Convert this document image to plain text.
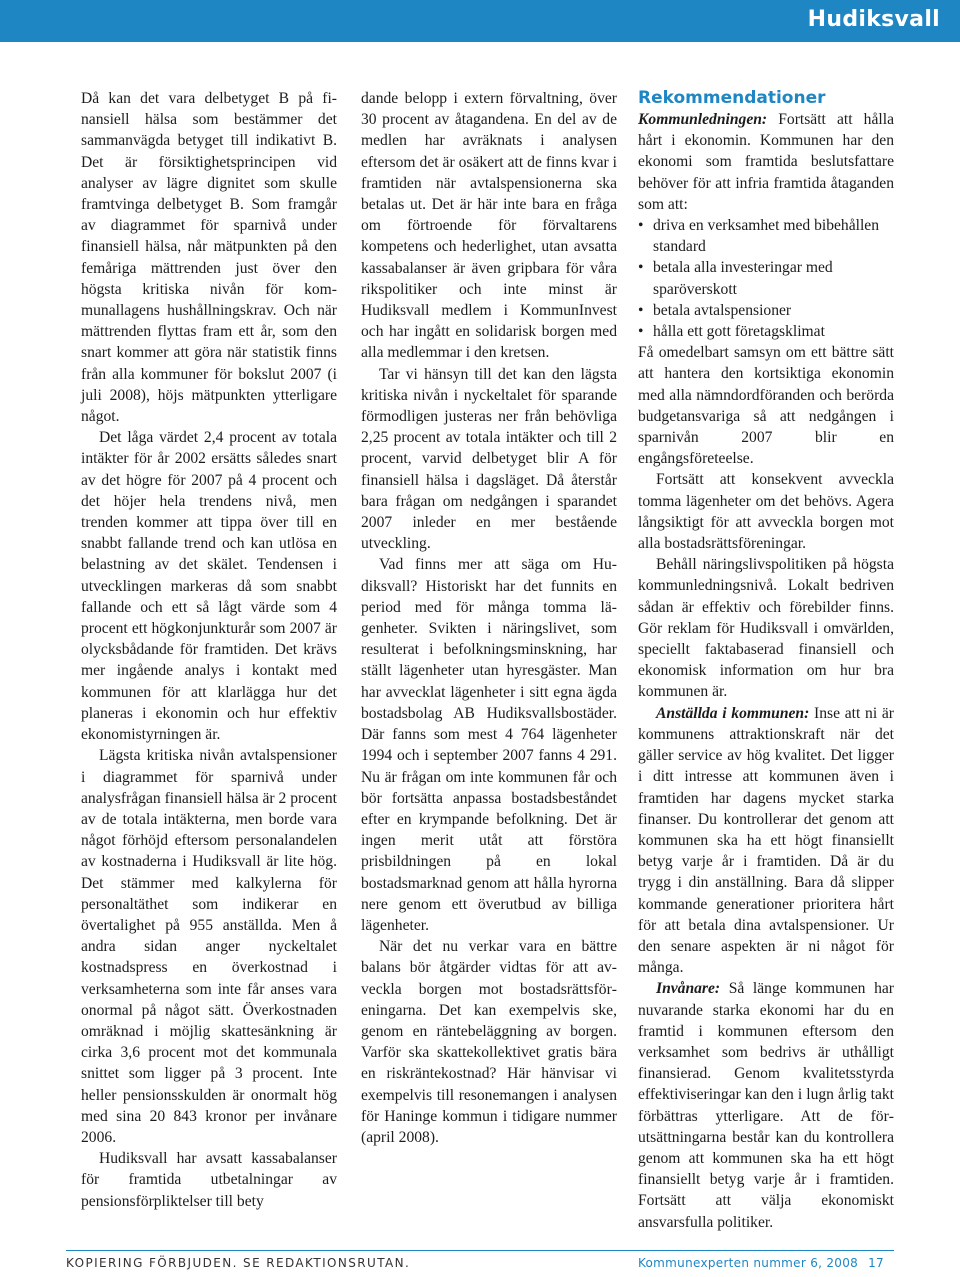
Hudiksvall

Då kan det vara delbetyget B på finansiell hälsa som bestämmer det sammanvägda betyget till indikativt B. Det är försiktighetsprincipen vid analyser av lägre dignitet som skulle framtvinga delbetyget B. Som framgår av diagrammet för sparnivå under finansiell hälsa, når mätpunkten på den femåriga mättrenden just över den högsta kritiska nivån för kommunallagens hushållningskrav. Och när mättrenden flyttas fram ett år, som den snart kommer att göra när statistik finns från alla kommuner för bokslut 2007 (i juli 2008), höjs mätpunkten ytterligare något.

Det låga värdet 2,4 procent av totala intäkter för år 2002 ersätts således snart av det högre för 2007 på 4 procent och det höjer hela trendens nivå, men trenden kommer att tippa över till en snabbt fallande trend och kan utlösa en belastning av det skälet. Tendensen i utvecklingen markeras då som snabbt fallande och ett så lågt värde som 4 procent ett högkonjunkturår som 2007 är olycksbådande för framtiden. Det krävs mer ingående analys i kontakt med kommunen för att klarlägga hur det planeras i ekonomin och hur effektiv ekonomistyrningen är.

Lägsta kritiska nivån avtalspensioner i diagrammet för sparnivå under analysfrågan finansiell hälsa är 2 procent av de totala intäkterna, men borde vara något förhöjd eftersom personalandelen av kostnaderna i Hudiksvall är lite hög. Det stämmer med kalkylerna för personaltäthet som indikerar en övertalighet på 955 anställda. Men å andra sidan anger nyckeltalet kostnadspress en överkostnad i verksamheterna som inte får anses vara onormal på något sätt. Överkostnaden omräknad i möjlig skattesänkning är cirka 3,6 procent mot det kommunala snittet som ligger på 3 procent. Inte heller pensionsskulden är onormalt hög med sina 20 843 kronor per invånare 2006.

Hudiksvall har avsatt kassabalanser för framtida utbetalningar av pensionsförpliktelser till bety

dande belopp i extern förvaltning, över 30 procent av åtagandena. En del av de medlen har avräknats i analysen eftersom det är osäkert att de finns kvar i framtiden när avtalspensionerna ska betalas ut. Det är här inte bara en fråga om förtroende för förvaltarens kompetens och hederlighet, utan avsatta kassabalanser är även gripbara för våra rikspolitiker och inte minst är Hudiksvall medlem i KommunInvest och har ingått en solidarisk borgen med alla medlemmar i den kretsen.

Tar vi hänsyn till det kan den lägsta kritiska nivån i nyckeltalet för sparande förmodligen justeras ner från behövliga 2,25 procent av totala intäkter och till 2 procent, varvid delbetyget blir A för finansiell hälsa i dagsläget. Då återstår bara frågan om nedgången i sparandet 2007 inleder en mer bestående utveckling.

Vad finns mer att säga om Hudiksvall? Historiskt har det funnits en period med för många tomma lägenheter. Svikten i näringslivet, som resulterat i befolkningsminskning, har ställt lägenheter utan hyresgäster. Man har avvecklat lägenheter i sitt egna ägda bostadsbolag AB Hudiksvallsbostäder. Där fanns som mest 4 764 lägenheter 1994 och i september 2007 fanns 4 291. Nu är frågan om inte kommunen får och bör fortsätta anpassa bostadsbeståndet efter en krympande befolkning. Det är ingen merit utåt att förstöra prisbildningen på en lokal bostadsmarknad genom att hålla hyrorna nere genom ett överutbud av billiga lägenheter.

När det nu verkar vara en bättre balans bör åtgärder vidtas för att avveckla borgen mot bostadsrättsföreningarna. Det kan exempelvis ske, genom en räntebeläggning av borgen. Varför ska skattekollektivet gratis bära en riskräntekostnad? Här hänvisar vi exempelvis till resonemangen i analysen för Haninge kommun i tidigare nummer (april 2008).

Rekommendationer

Kommunledningen: Fortsätt att hålla hårt i ekonomin. Kommunen har den ekonomi som framtida beslutsfattare behöver för att infria framtida åtaganden som att:

• driva en verksamhet med bibehållen standard
• betala alla investeringar med sparöverskott
• betala avtalspensioner
• hålla ett gott företagsklimat

Få omedelbart samsyn om ett bättre sätt att hantera den kortsiktiga ekonomin med alla nämndordföranden och berörda budgetansvariga så att nedgången i sparnivån 2007 blir en engångsföreteelse.

Fortsätt att konsekvent avveckla tomma lägenheter om det behövs. Agera långsiktigt för att avveckla borgen mot alla bostadsrättsföreningar.

Behåll näringslivspolitiken på högsta kommunledningsnivå. Lokalt bedriven sådan är effektiv och förebilder finns. Gör reklam för Hudiksvall i omvärlden, speciellt faktabaserad finansiell och ekonomisk information om hur bra kommunen är.

Anställda i kommunen: Inse att ni är kommunens attraktionskraft när det gäller service av hög kvalitet. Det ligger i ditt intresse att kommunen även i framtiden har dagens mycket starka finanser. Du kontrollerar det genom att kommunen ska ha ett högt finansiellt betyg varje år i framtiden. Då är du trygg i din anställning. Bara då slipper kommande generationer prioritera hårt för att betala dina avtalspensioner. Ur den senare aspekten är ni något för många.

Invånare: Så länge kommunen har nuvarande starka ekonomi har du en framtid i kommunen eftersom den verksamhet som bedrivs är uthålligt finansierad. Genom kvalitetsstyrda effektiviseringar kan den i lugn årlig takt förbättras ytterligare. Att de förutsättningarna består kan du kontrollera genom att kommunen ska ha ett högt finansiellt betyg varje år i framtiden. Fortsätt att välja ekonomiskt ansvarsfulla politiker.

KOPIERING FÖRBJUDEN. SE REDAKTIONSRUTAN.	Kommunexperten nummer 6, 2008 17
